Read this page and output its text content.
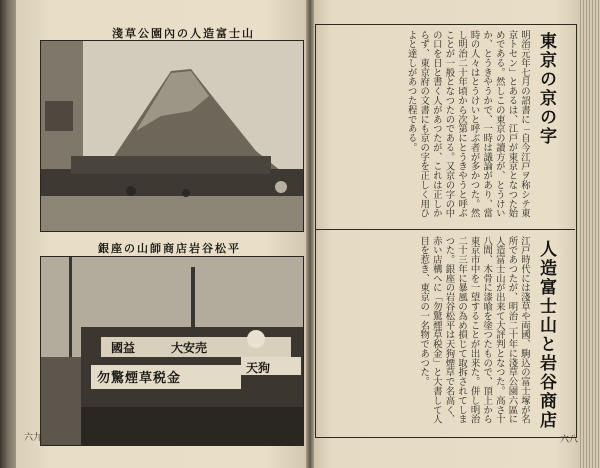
淺草公園內の人造富士山
銀座の山師商店岩谷松平
勿驚煙草税金
天狗
國益	大安売
六九
東京の京の字
明治元年七月の詔書に「自今江戸ヲ称シテ東京トセン」とあるは、江戸が東京となつた始めである。然しこの東京の讀方が、とうけいか、とうきやうかで、一時は議論があり、當時の人々はとうけいと呼ぶ者が多かつた。然し明治二十年頃から次第にとうきやうと呼ぶことが一般となつたのである。又京の字の中の口を日と書く人があつたが、これは正しからず、東京府の文書にも京の字を正しく用ひよと達しがあつた程である。
人造富士山と岩谷商店
江戸時代には淺草や両國、駒込の富士塚が名所であつたが、明治二十年に淺草公園六區に人造富士山が出来て大評判となつた。高さ十八間、木骨に漆喰を塗つたもので、頂上から東京市中を一望することが出来た。併し明治二十三年に暴風の為め損じて取拆されてしまつた。銀座の岩谷松平は天狗煙草で名高く、赤い店構へに「勿驚煙草税金」と大書して人目を惹き、東京の一名物であつた。
六八
